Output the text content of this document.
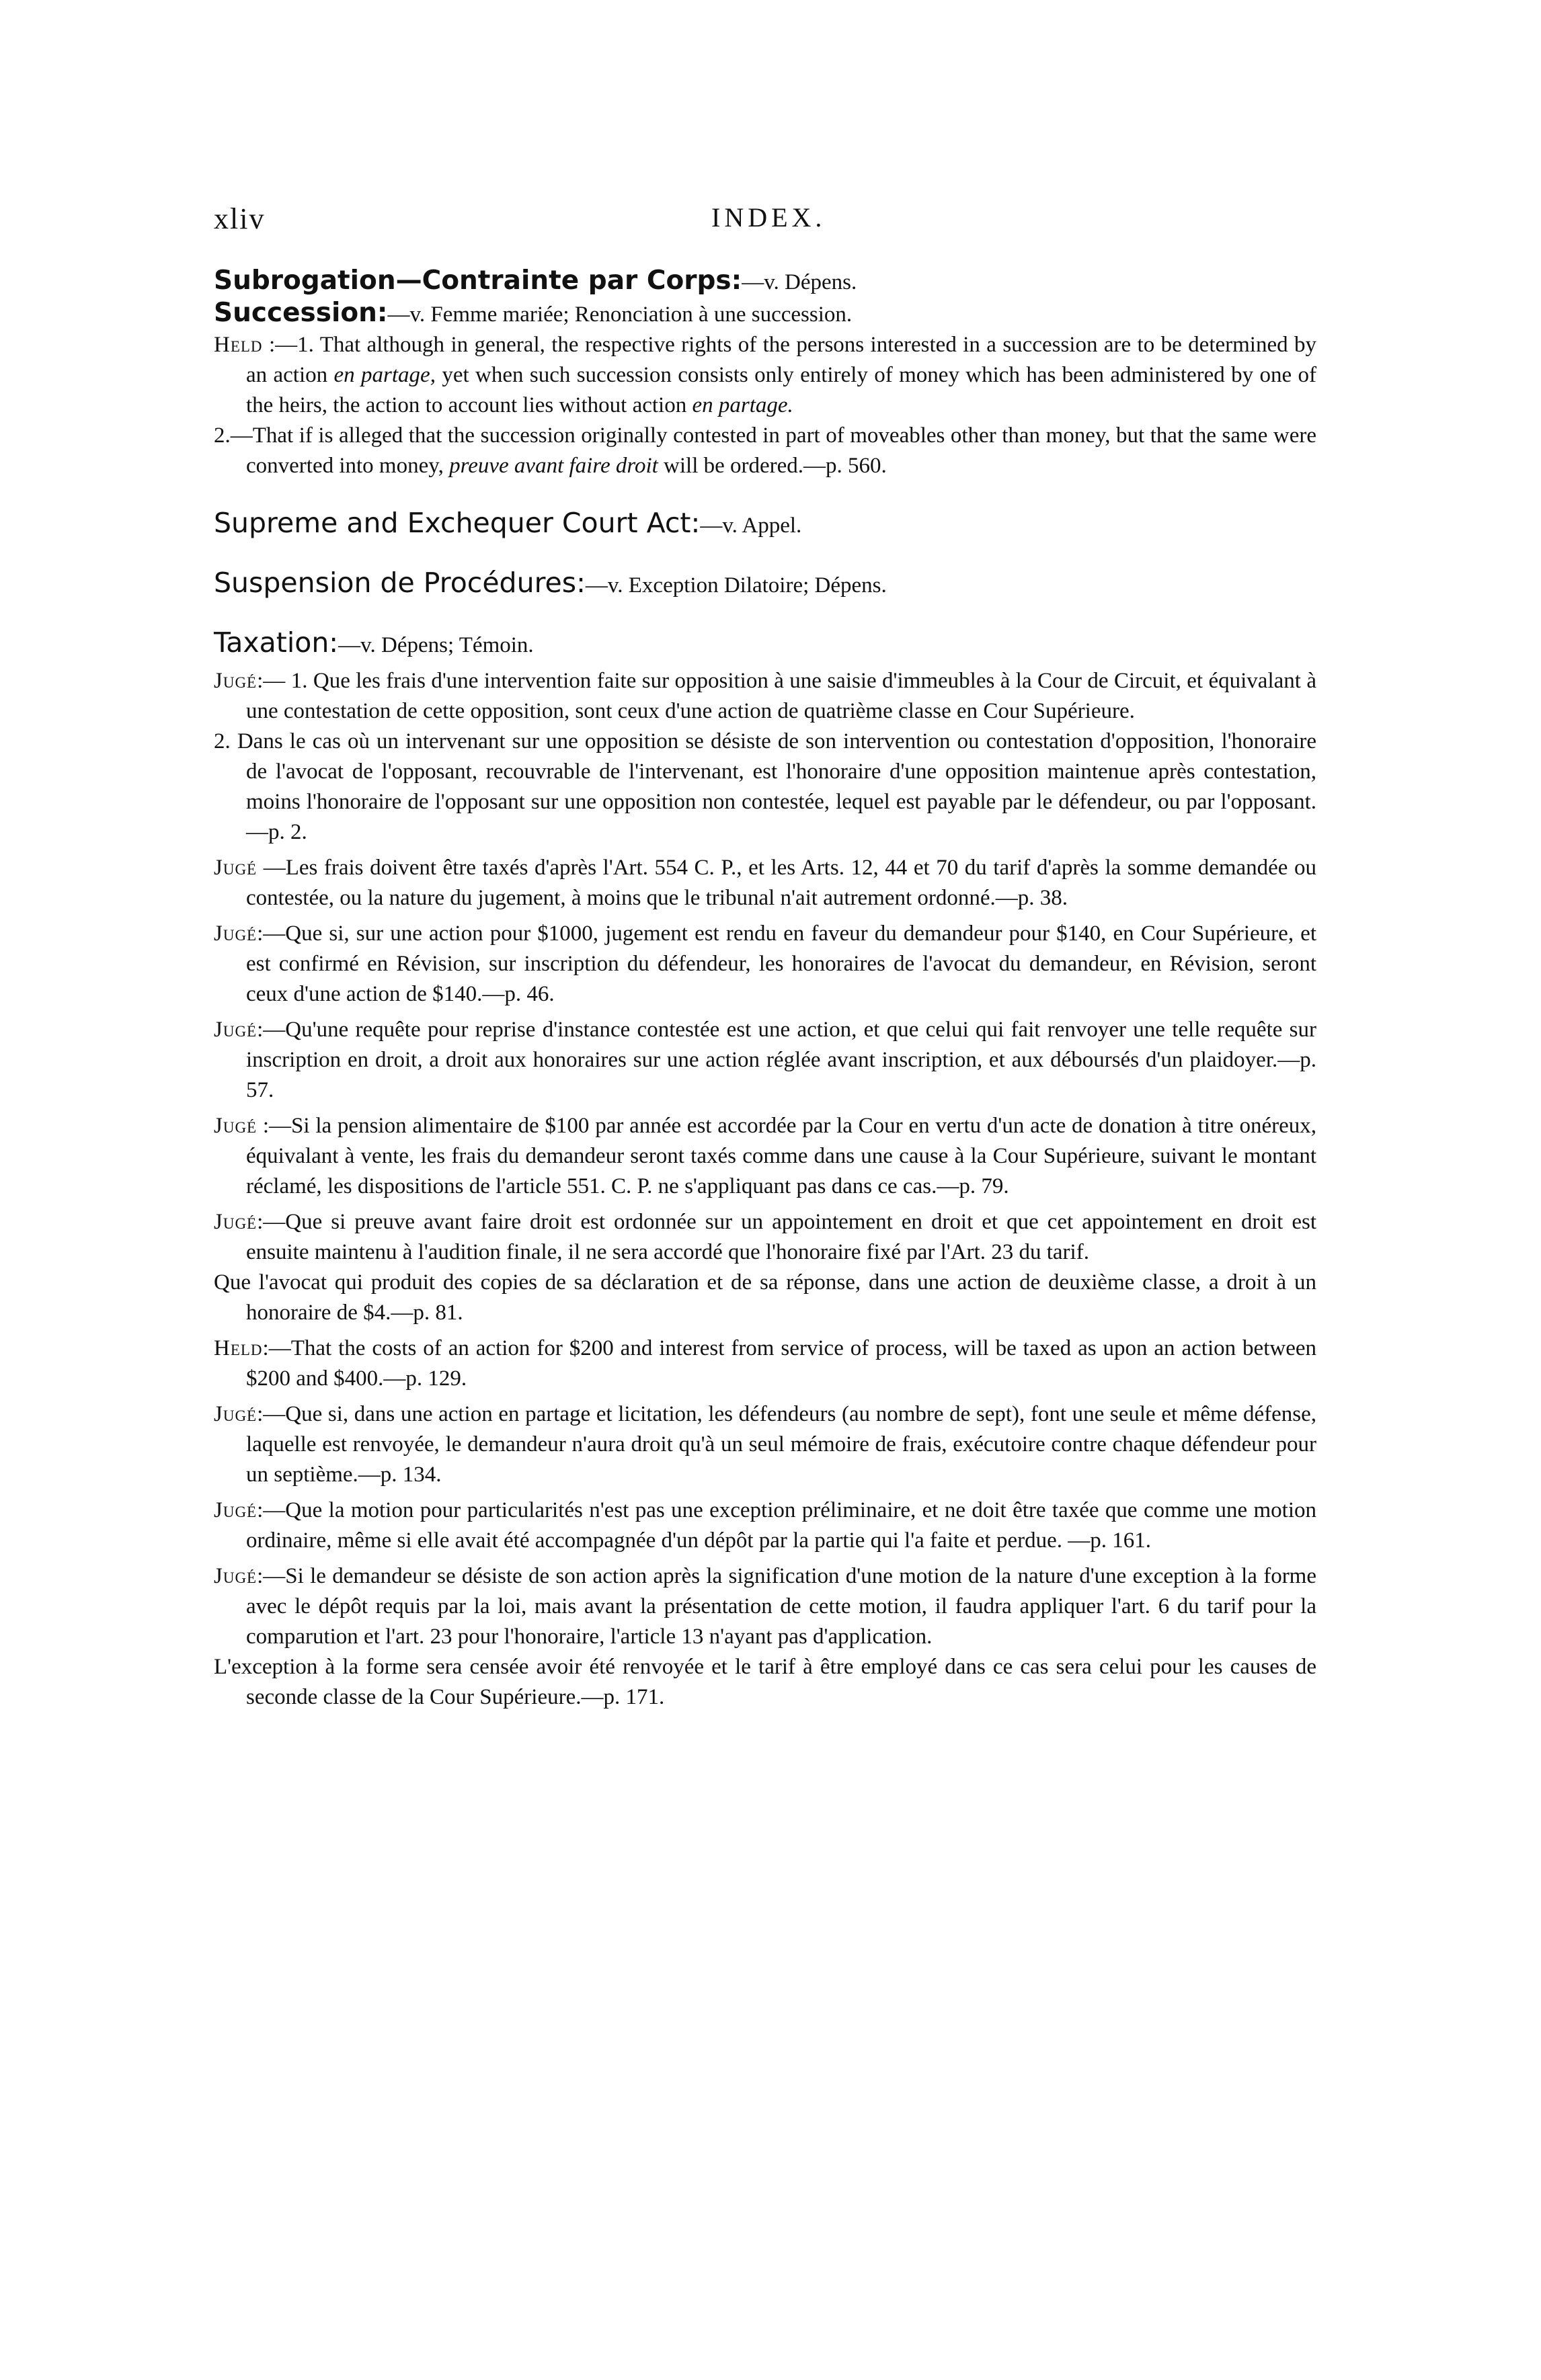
xliv	INDEX.

Subrogation—Contrainte par Corps:—v. Dépens.

Succession:—v. Femme mariée; Renonciation à une succession.

Held :—1. That although in general, the respective rights of the persons interested in a succession are to be determined by an action en partage, yet when such succession consists only entirely of money which has been administered by one of the heirs, the action to account lies without action en partage.

2.—That if is alleged that the succession originally contested in part of moveables other than money, but that the same were converted into money, preuve avant faire droit will be ordered.—p. 560.

Supreme and Exchequer Court Act:—v. Appel.

Suspension de Procédures:—v. Exception Dilatoire; Dépens.

Taxation:—v. Dépens; Témoin.

Jugé:— 1. Que les frais d'une intervention faite sur opposition à une saisie d'immeubles à la Cour de Circuit, et équivalant à une contestation de cette opposition, sont ceux d'une action de quatrième classe en Cour Supérieure.

2. Dans le cas où un intervenant sur une opposition se désiste de son intervention ou contestation d'opposition, l'honoraire de l'avocat de l'opposant, recouvrable de l'intervenant, est l'honoraire d'une opposition maintenue après contestation, moins l'honoraire de l'opposant sur une opposition non contestée, lequel est payable par le défendeur, ou par l'opposant.—p. 2.

Jugé —Les frais doivent être taxés d'après l'Art. 554 C. P., et les Arts. 12, 44 et 70 du tarif d'après la somme demandée ou contestée, ou la nature du jugement, à moins que le tribunal n'ait autrement ordonné.—p. 38.

Jugé:—Que si, sur une action pour $1000, jugement est rendu en faveur du demandeur pour $140, en Cour Supérieure, et est confirmé en Révision, sur inscription du défendeur, les honoraires de l'avocat du demandeur, en Révision, seront ceux d'une action de $140.—p. 46.

Jugé:—Qu'une requête pour reprise d'instance contestée est une action, et que celui qui fait renvoyer une telle requête sur inscription en droit, a droit aux honoraires sur une action réglée avant inscription, et aux déboursés d'un plaidoyer.—p. 57.

Jugé :—Si la pension alimentaire de $100 par année est accordée par la Cour en vertu d'un acte de donation à titre onéreux, équivalant à vente, les frais du demandeur seront taxés comme dans une cause à la Cour Supérieure, suivant le montant réclamé, les dispositions de l'article 551. C. P. ne s'appliquant pas dans ce cas.—p. 79.

Jugé:—Que si preuve avant faire droit est ordonnée sur un appointement en droit et que cet appointement en droit est ensuite maintenu à l'audition finale, il ne sera accordé que l'honoraire fixé par l'Art. 23 du tarif.

Que l'avocat qui produit des copies de sa déclaration et de sa réponse, dans une action de deuxième classe, a droit à un honoraire de $4.—p. 81.

Held:—That the costs of an action for $200 and interest from service of process, will be taxed as upon an action between $200 and $400.—p. 129.

Jugé:—Que si, dans une action en partage et licitation, les défendeurs (au nombre de sept), font une seule et même défense, laquelle est renvoyée, le demandeur n'aura droit qu'à un seul mémoire de frais, exécutoire contre chaque défendeur pour un septième.—p. 134.

Jugé:—Que la motion pour particularités n'est pas une exception préliminaire, et ne doit être taxée que comme une motion ordinaire, même si elle avait été accompagnée d'un dépôt par la partie qui l'a faite et perdue. —p. 161.

Jugé:—Si le demandeur se désiste de son action après la signification d'une motion de la nature d'une exception à la forme avec le dépôt requis par la loi, mais avant la présentation de cette motion, il faudra appliquer l'art. 6 du tarif pour la comparution et l'art. 23 pour l'honoraire, l'article 13 n'ayant pas d'application.

L'exception à la forme sera censée avoir été renvoyée et le tarif à être employé dans ce cas sera celui pour les causes de seconde classe de la Cour Supérieure.—p. 171.
